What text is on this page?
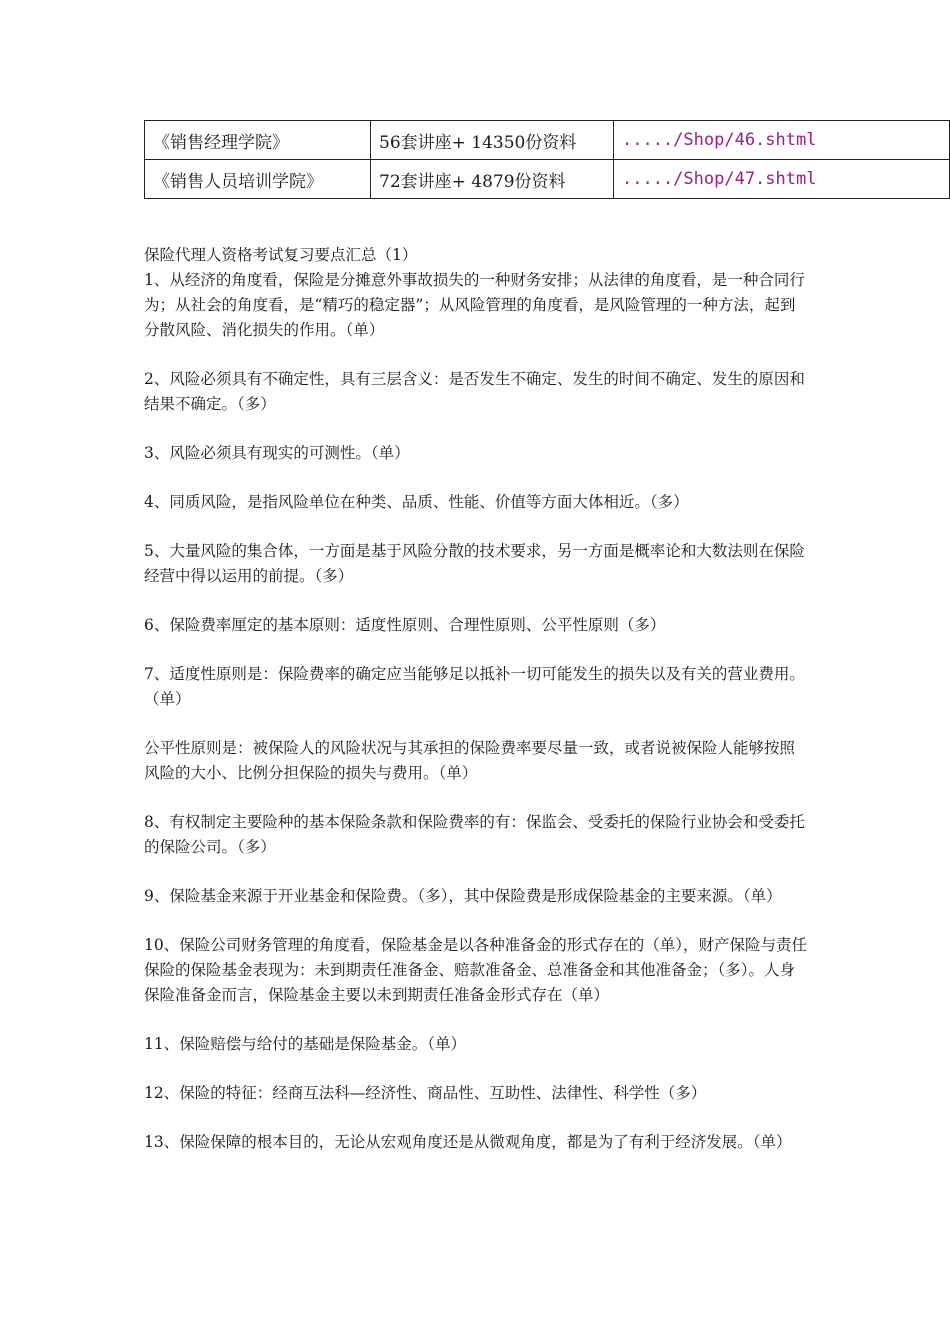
《销售经理学院》	56套讲座+ 14350份资料	...../Shop/46.shtml
《销售人员培训学院》	72套讲座+ 4879份资料	...../Shop/47.shtml

保险代理人资格考试复习要点汇总（1）

1、从经济的角度看，保险是分摊意外事故损失的一种财务安排；从法律的角度看，是一种合同行为；从社会的角度看，是“精巧的稳定器”；从风险管理的角度看，是风险管理的一种方法，起到分散风险、消化损失的作用。（单）

2、风险必须具有不确定性，具有三层含义：是否发生不确定、发生的时间不确定、发生的原因和结果不确定。（多）

3、风险必须具有现实的可测性。（单）

4、同质风险，是指风险单位在种类、品质、性能、价值等方面大体相近。（多）

5、大量风险的集合体，一方面是基于风险分散的技术要求，另一方面是概率论和大数法则在保险经营中得以运用的前提。（多）

6、保险费率厘定的基本原则：适度性原则、合理性原则、公平性原则（多）

7、适度性原则是：保险费率的确定应当能够足以抵补一切可能发生的损失以及有关的营业费用。（单）

公平性原则是：被保险人的风险状况与其承担的保险费率要尽量一致，或者说被保险人能够按照风险的大小、比例分担保险的损失与费用。（单）

8、有权制定主要险种的基本保险条款和保险费率的有：保监会、受委托的保险行业协会和受委托的保险公司。（多）

9、保险基金来源于开业基金和保险费。（多），其中保险费是形成保险基金的主要来源。（单）

10、保险公司财务管理的角度看，保险基金是以各种准备金的形式存在的（单），财产保险与责任保险的保险基金表现为：未到期责任准备金、赔款准备金、总准备金和其他准备金；（多）。人身保险准备金而言，保险基金主要以未到期责任准备金形式存在（单）

11、保险赔偿与给付的基础是保险基金。（单）

12、保险的特征：经商互法科—经济性、商品性、互助性、法律性、科学性（多）

13、保险保障的根本目的，无论从宏观角度还是从微观角度，都是为了有利于经济发展。（单）
